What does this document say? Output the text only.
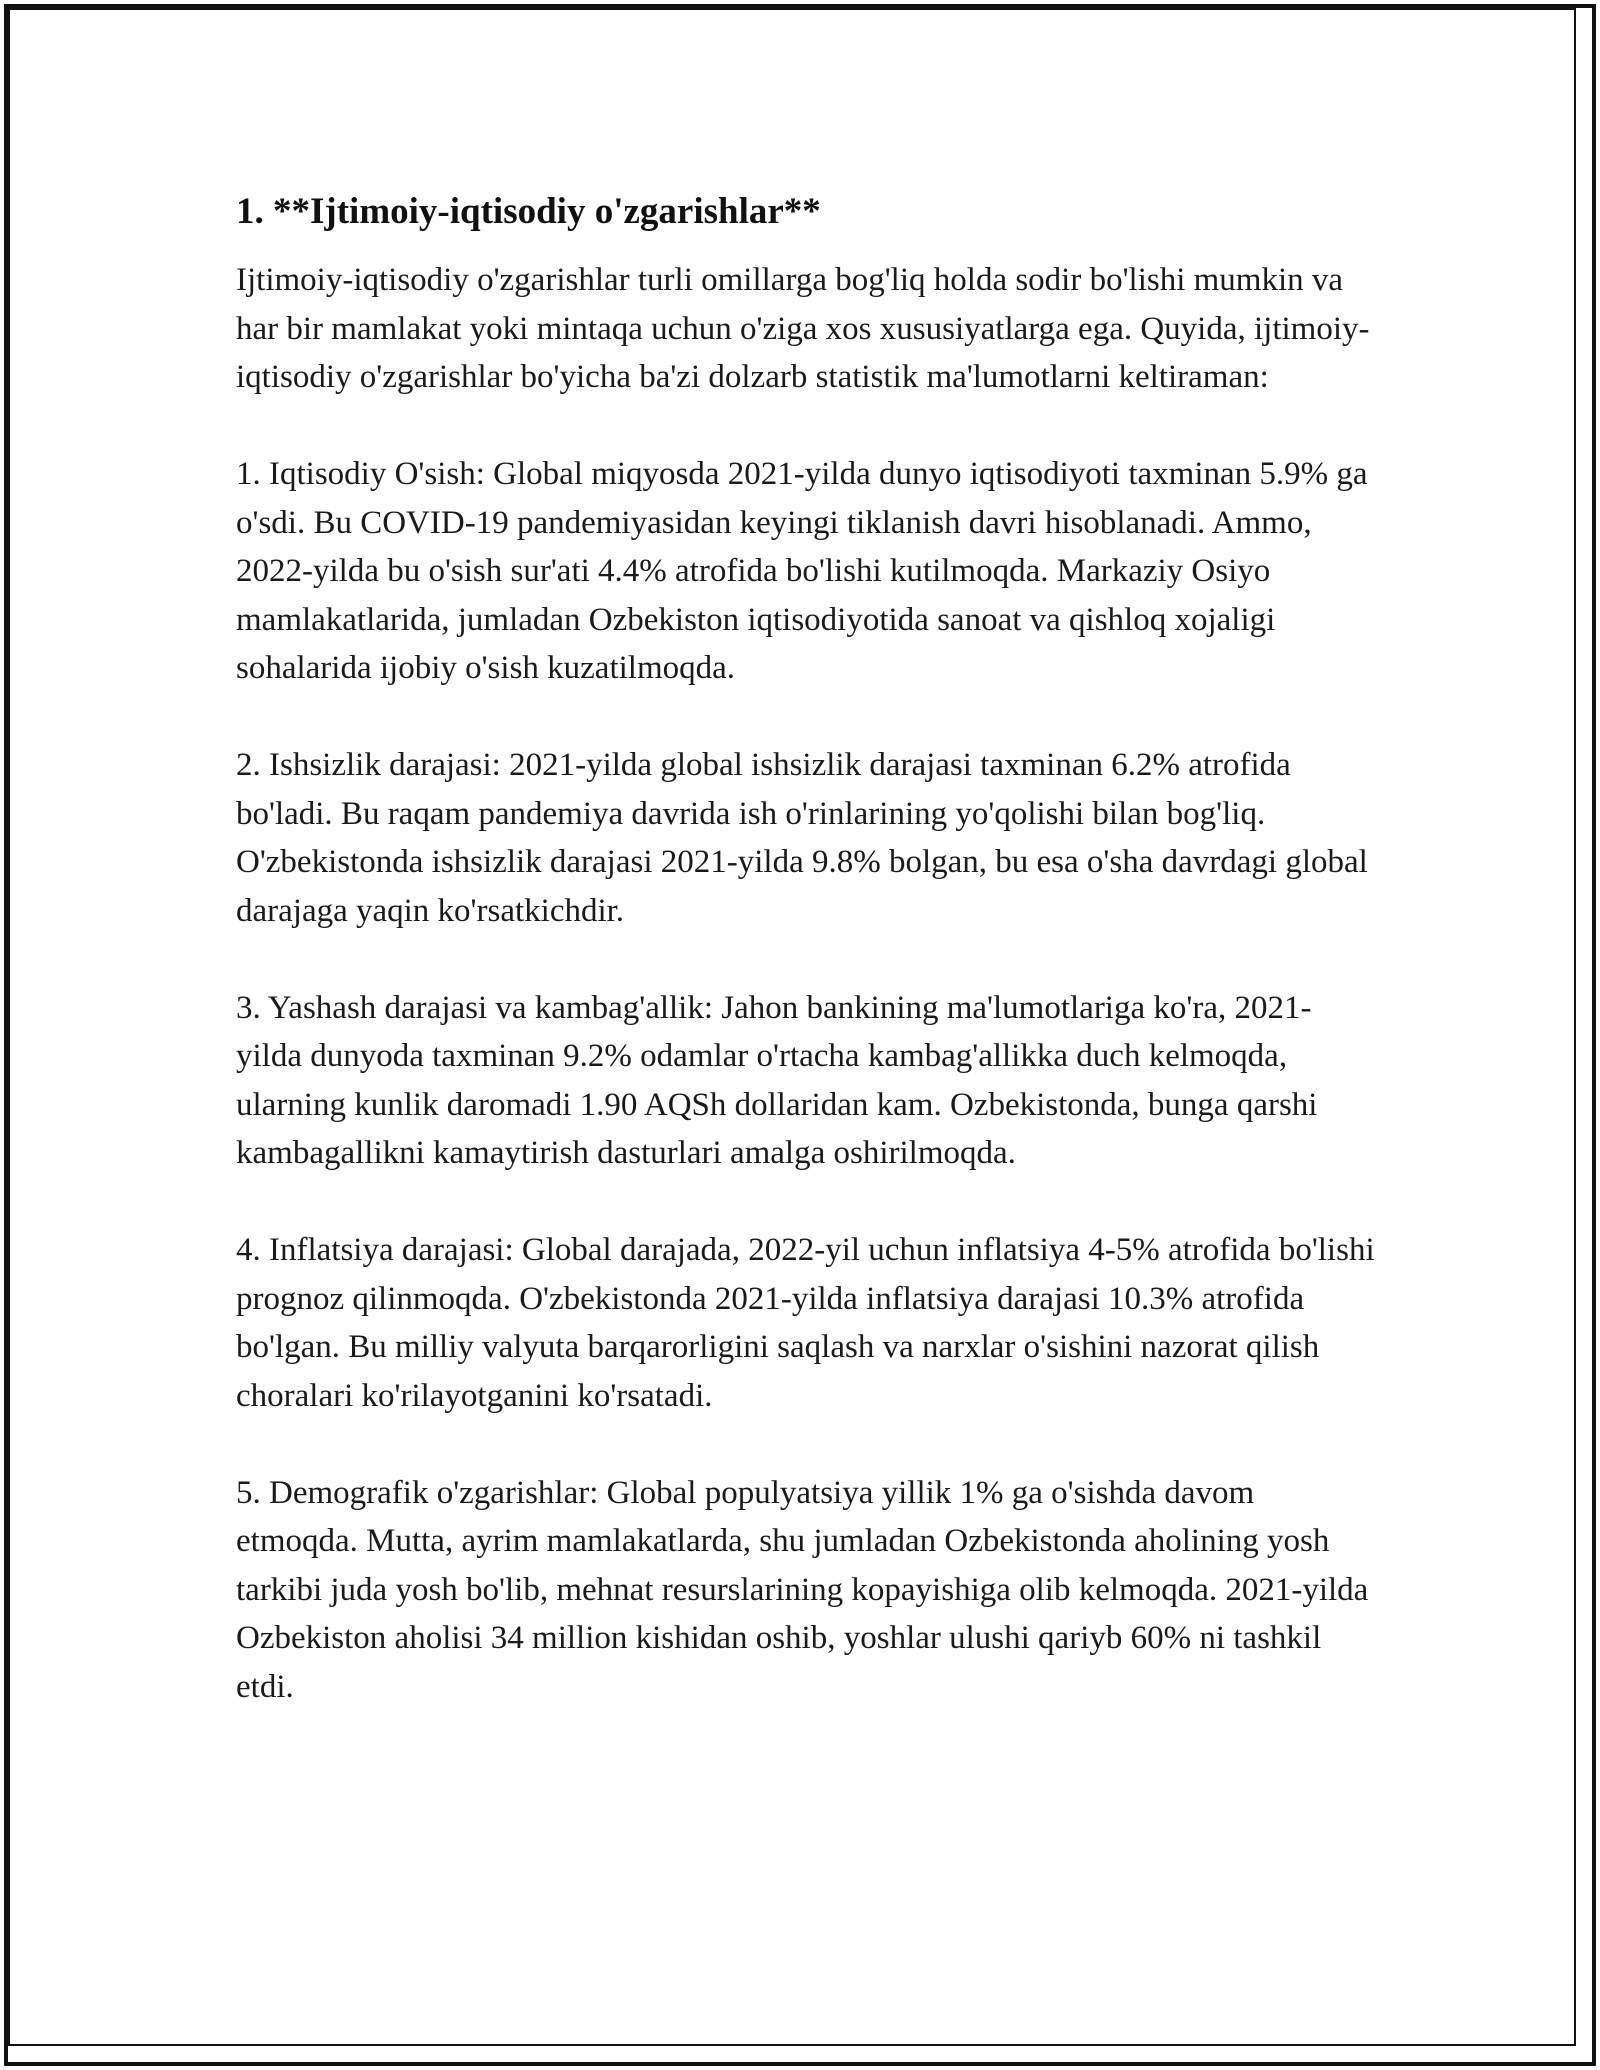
1. **Ijtimoiy-iqtisodiy o'zgarishlar**

Ijtimoiy-iqtisodiy o'zgarishlar turli omillarga bog'liq holda sodir bo'lishi mumkin va har bir mamlakat yoki mintaqa uchun o'ziga xos xususiyatlarga ega. Quyida, ijtimoiy-iqtisodiy o'zgarishlar bo'yicha ba'zi dolzarb statistik ma'lumotlarni keltiraman:

1. Iqtisodiy O'sish: Global miqyosda 2021-yilda dunyo iqtisodiyoti taxminan 5.9% ga o'sdi. Bu COVID-19 pandemiyasidan keyingi tiklanish davri hisoblanadi. Ammo, 2022-yilda bu o'sish sur'ati 4.4% atrofida bo'lishi kutilmoqda. Markaziy Osiyo mamlakatlarida, jumladan Ozbekiston iqtisodiyotida sanoat va qishloq xojaligi sohalarida ijobiy o'sish kuzatilmoqda.

2. Ishsizlik darajasi: 2021-yilda global ishsizlik darajasi taxminan 6.2% atrofida bo'ladi. Bu raqam pandemiya davrida ish o'rinlarining yo'qolishi bilan bog'liq. O'zbekistonda ishsizlik darajasi 2021-yilda 9.8% bolgan, bu esa o'sha davrdagi global darajaga yaqin ko'rsatkichdir.

3. Yashash darajasi va kambag'allik: Jahon bankining ma'lumotlariga ko'ra, 2021-yilda dunyoda taxminan 9.2% odamlar o'rtacha kambag'allikka duch kelmoqda, ularning kunlik daromadi 1.90 AQSh dollaridan kam. Ozbekistonda, bunga qarshi kambagallikni kamaytirish dasturlari amalga oshirilmoqda.

4. Inflatsiya darajasi: Global darajada, 2022-yil uchun inflatsiya 4-5% atrofida bo'lishi prognoz qilinmoqda. O'zbekistonda 2021-yilda inflatsiya darajasi 10.3% atrofida bo'lgan. Bu milliy valyuta barqarorligini saqlash va narxlar o'sishini nazorat qilish choralari ko'rilayotganini ko'rsatadi.

5. Demografik o'zgarishlar: Global populyatsiya yillik 1% ga o'sishda davom etmoqda. Mutta, ayrim mamlakatlarda, shu jumladan Ozbekistonda aholining yosh tarkibi juda yosh bo'lib, mehnat resurslarining kopayishiga olib kelmoqda. 2021-yilda Ozbekiston aholisi 34 million kishidan oshib, yoshlar ulushi qariyb 60% ni tashkil etdi.
